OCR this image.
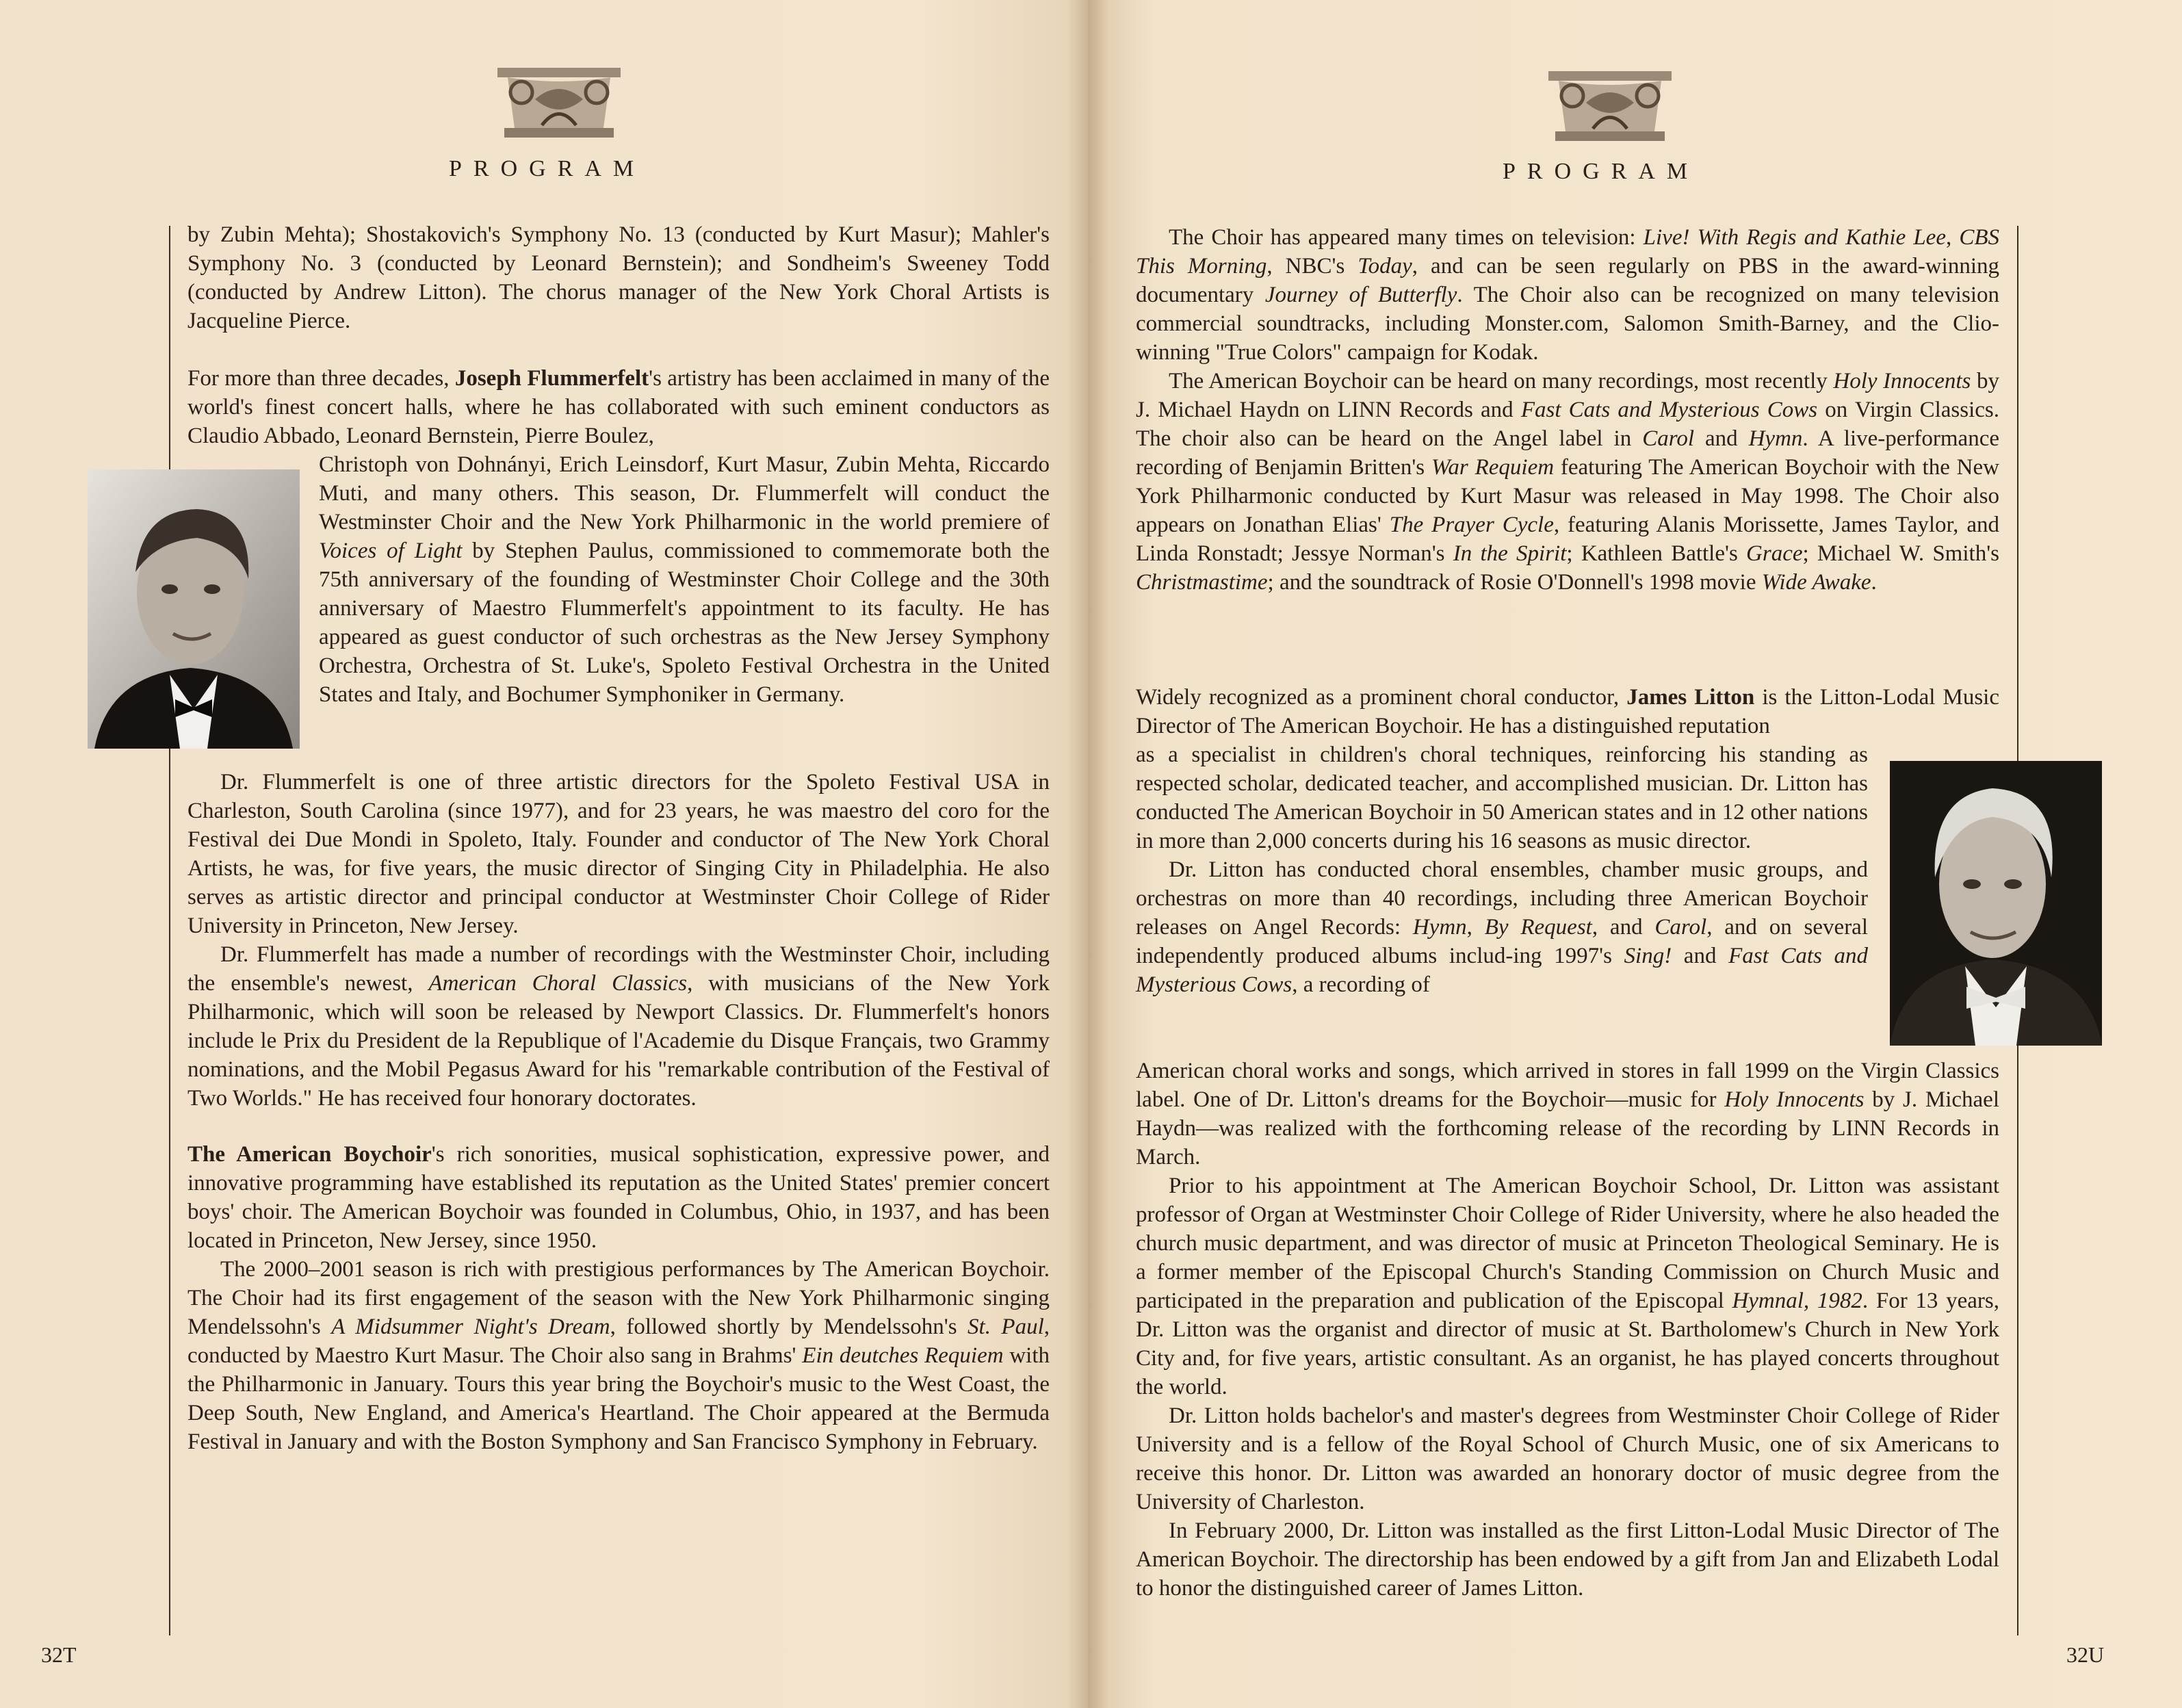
PROGRAM

by Zubin Mehta); Shostakovich's Symphony No. 13 (conducted by Kurt Masur); Mahler's Symphony No. 3 (conducted by Leonard Bernstein); and Sondheim's Sweeney Todd (conducted by Andrew Litton). The chorus manager of the New York Choral Artists is Jacqueline Pierce.

For more than three decades, Joseph Flummerfelt's artistry has been acclaimed in many of the world's finest concert halls, where he has collaborated with such eminent conductors as Claudio Abbado, Leonard Bernstein, Pierre Boulez,

Christoph von Dohnányi, Erich Leinsdorf, Kurt Masur, Zubin Mehta, Riccardo Muti, and many others. This season, Dr. Flummerfelt will conduct the Westminster Choir and the New York Philharmonic in the world premiere of Voices of Light by Stephen Paulus, commissioned to commemorate both the 75th anniversary of the founding of Westminster Choir College and the 30th anniversary of Maestro Flummerfelt's appointment to its faculty. He has appeared as guest conductor of such orchestras as the New Jersey Symphony Orchestra, Orchestra of St. Luke's, Spoleto Festival Orchestra in the United States and Italy, and Bochumer Symphoniker in Germany.

Dr. Flummerfelt is one of three artistic directors for the Spoleto Festival USA in Charleston, South Carolina (since 1977), and for 23 years, he was maestro del coro for the Festival dei Due Mondi in Spoleto, Italy. Founder and conductor of The New York Choral Artists, he was, for five years, the music director of Singing City in Philadelphia. He also serves as artistic director and principal conductor at Westminster Choir College of Rider University in Princeton, New Jersey.

Dr. Flummerfelt has made a number of recordings with the Westminster Choir, including the ensemble's newest, American Choral Classics, with musicians of the New York Philharmonic, which will soon be released by Newport Classics. Dr. Flummerfelt's honors include le Prix du President de la Republique of l'Academie du Disque Français, two Grammy nominations, and the Mobil Pegasus Award for his "remarkable contribution of the Festival of Two Worlds." He has received four honorary doctorates.

The American Boychoir's rich sonorities, musical sophistication, expressive power, and innovative programming have established its reputation as the United States' premier concert boys' choir. The American Boychoir was founded in Columbus, Ohio, in 1937, and has been located in Princeton, New Jersey, since 1950.

The 2000–2001 season is rich with prestigious performances by The American Boychoir. The Choir had its first engagement of the season with the New York Philharmonic singing Mendelssohn's A Midsummer Night's Dream, followed shortly by Mendelssohn's St. Paul, conducted by Maestro Kurt Masur. The Choir also sang in Brahms' Ein deutches Requiem with the Philharmonic in January. Tours this year bring the Boychoir's music to the West Coast, the Deep South, New England, and America's Heartland. The Choir appeared at the Bermuda Festival in January and with the Boston Symphony and San Francisco Symphony in February.

32T
PROGRAM

The Choir has appeared many times on television: Live! With Regis and Kathie Lee, CBS This Morning, NBC's Today, and can be seen regularly on PBS in the award-winning documentary Journey of Butterfly. The Choir also can be recognized on many television commercial soundtracks, including Monster.com, Salomon Smith-Barney, and the Clio-winning "True Colors" campaign for Kodak.

The American Boychoir can be heard on many recordings, most recently Holy Innocents by J. Michael Haydn on LINN Records and Fast Cats and Mysterious Cows on Virgin Classics. The choir also can be heard on the Angel label in Carol and Hymn. A live-performance recording of Benjamin Britten's War Requiem featuring The American Boychoir with the New York Philharmonic conducted by Kurt Masur was released in May 1998. The Choir also appears on Jonathan Elias' The Prayer Cycle, featuring Alanis Morissette, James Taylor, and Linda Ronstadt; Jessye Norman's In the Spirit; Kathleen Battle's Grace; Michael W. Smith's Christmastime; and the soundtrack of Rosie O'Donnell's 1998 movie Wide Awake.

Widely recognized as a prominent choral conductor, James Litton is the Litton-Lodal Music Director of The American Boychoir. He has a distinguished reputation

as a specialist in children's choral techniques, reinforcing his standing as respected scholar, dedicated teacher, and accomplished musician. Dr. Litton has conducted The American Boychoir in 50 American states and in 12 other nations in more than 2,000 concerts during his 16 seasons as music director.

Dr. Litton has conducted choral ensembles, chamber music groups, and orchestras on more than 40 recordings, including three American Boychoir releases on Angel Records: Hymn, By Request, and Carol, and on several independently produced albums includ-ing 1997's Sing! and Fast Cats and Mysterious Cows, a recording of

American choral works and songs, which arrived in stores in fall 1999 on the Virgin Classics label. One of Dr. Litton's dreams for the Boychoir—music for Holy Innocents by J. Michael Haydn—was realized with the forthcoming release of the recording by LINN Records in March.

Prior to his appointment at The American Boychoir School, Dr. Litton was assistant professor of Organ at Westminster Choir College of Rider University, where he also headed the church music department, and was director of music at Princeton Theological Seminary. He is a former member of the Episcopal Church's Standing Commission on Church Music and participated in the preparation and publication of the Episcopal Hymnal, 1982. For 13 years, Dr. Litton was the organist and director of music at St. Bartholomew's Church in New York City and, for five years, artistic consultant. As an organist, he has played concerts throughout the world.

Dr. Litton holds bachelor's and master's degrees from Westminster Choir College of Rider University and is a fellow of the Royal School of Church Music, one of six Americans to receive this honor. Dr. Litton was awarded an honorary doctor of music degree from the University of Charleston.

In February 2000, Dr. Litton was installed as the first Litton-Lodal Music Director of The American Boychoir. The directorship has been endowed by a gift from Jan and Elizabeth Lodal to honor the distinguished career of James Litton.

32U
